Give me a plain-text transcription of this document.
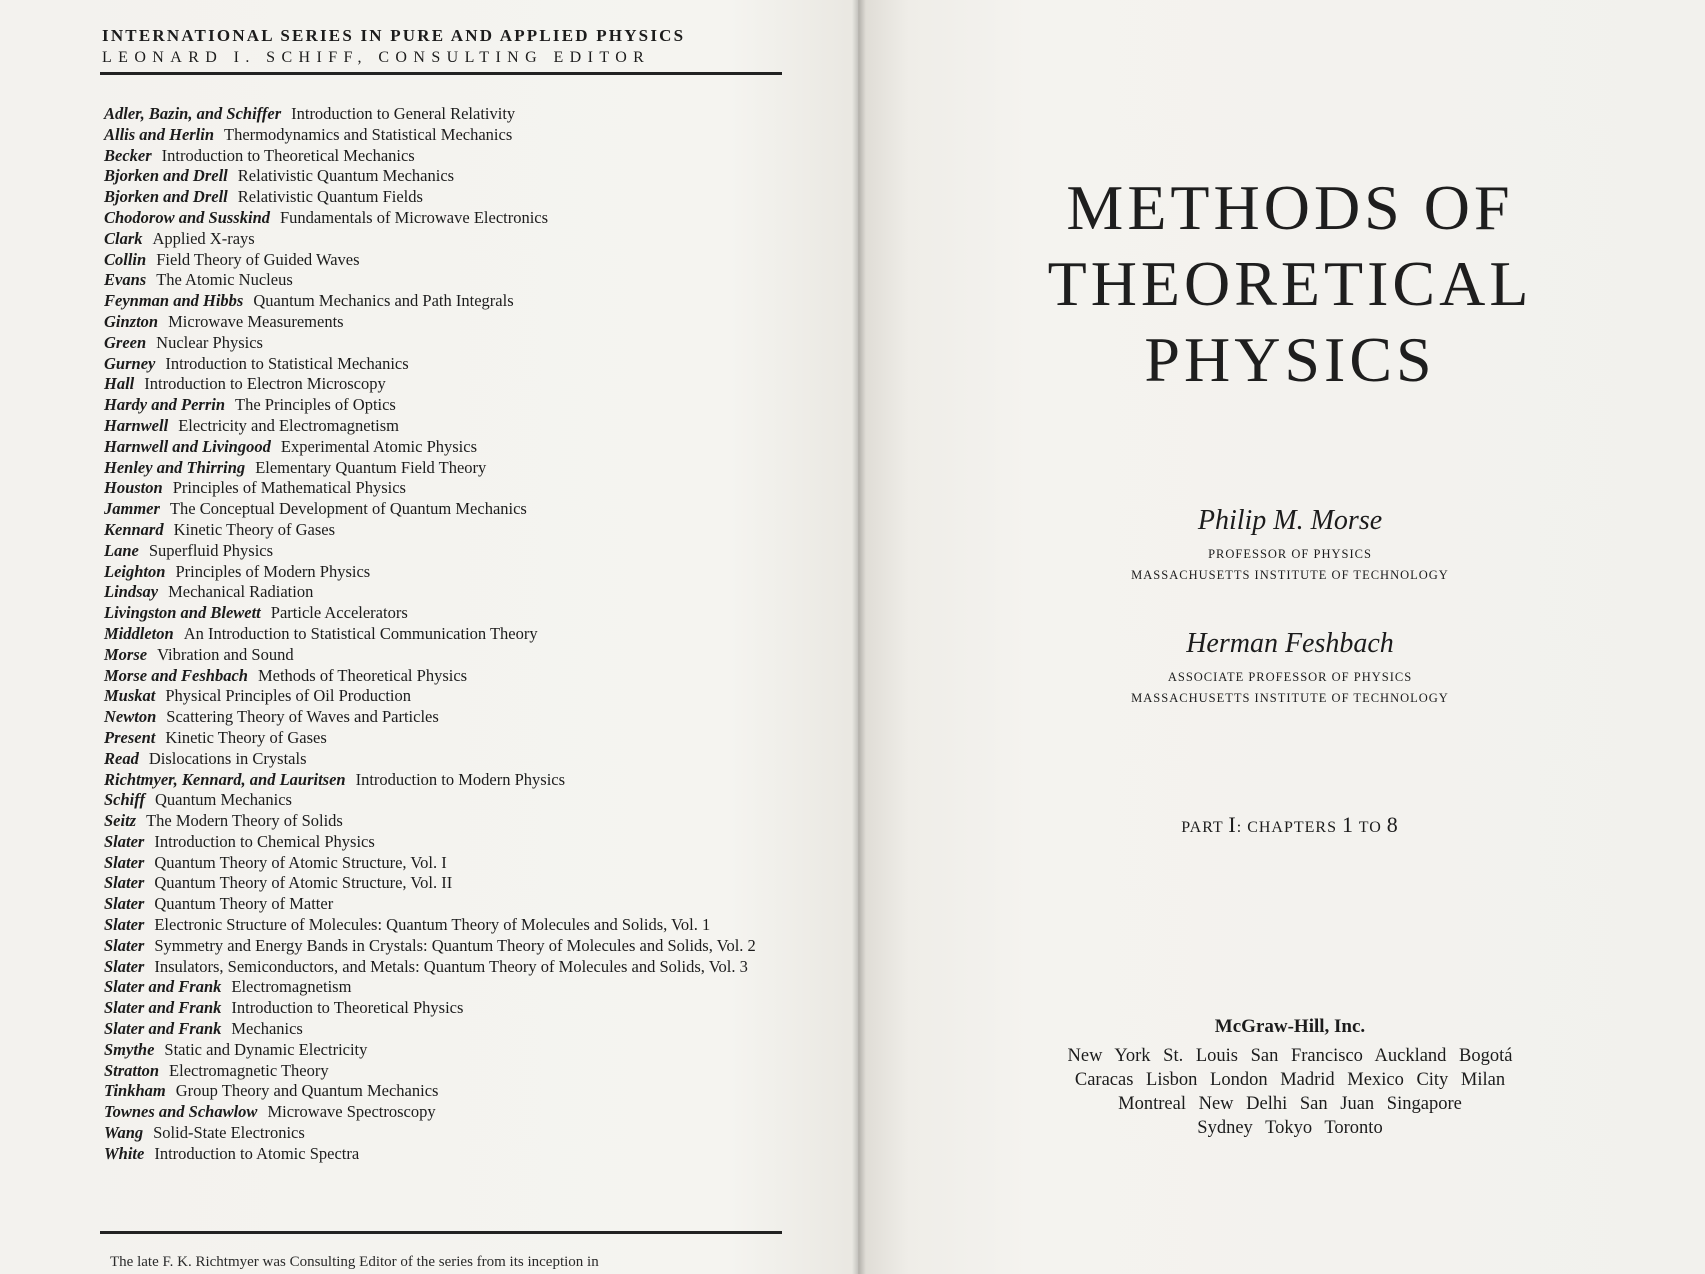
INTERNATIONAL SERIES IN PURE AND APPLIED PHYSICS
LEONARD I. SCHIFF, CONSULTING EDITOR
Adler, Bazin, and Schiffer Introduction to General Relativity
Allis and Herlin Thermodynamics and Statistical Mechanics
Becker Introduction to Theoretical Mechanics
Bjorken and Drell Relativistic Quantum Mechanics
Bjorken and Drell Relativistic Quantum Fields
Chodorow and Susskind Fundamentals of Microwave Electronics
Clark Applied X-rays
Collin Field Theory of Guided Waves
Evans The Atomic Nucleus
Feynman and Hibbs Quantum Mechanics and Path Integrals
Ginzton Microwave Measurements
Green Nuclear Physics
Gurney Introduction to Statistical Mechanics
Hall Introduction to Electron Microscopy
Hardy and Perrin The Principles of Optics
Harnwell Electricity and Electromagnetism
Harnwell and Livingood Experimental Atomic Physics
Henley and Thirring Elementary Quantum Field Theory
Houston Principles of Mathematical Physics
Jammer The Conceptual Development of Quantum Mechanics
Kennard Kinetic Theory of Gases
Lane Superfluid Physics
Leighton Principles of Modern Physics
Lindsay Mechanical Radiation
Livingston and Blewett Particle Accelerators
Middleton An Introduction to Statistical Communication Theory
Morse Vibration and Sound
Morse and Feshbach Methods of Theoretical Physics
Muskat Physical Principles of Oil Production
Newton Scattering Theory of Waves and Particles
Present Kinetic Theory of Gases
Read Dislocations in Crystals
Richtmyer, Kennard, and Lauritsen Introduction to Modern Physics
Schiff Quantum Mechanics
Seitz The Modern Theory of Solids
Slater Introduction to Chemical Physics
Slater Quantum Theory of Atomic Structure, Vol. I
Slater Quantum Theory of Atomic Structure, Vol. II
Slater Quantum Theory of Matter
Slater Electronic Structure of Molecules: Quantum Theory of Molecules and Solids, Vol. 1
Slater Symmetry and Energy Bands in Crystals: Quantum Theory of Molecules and Solids, Vol. 2
Slater Insulators, Semiconductors, and Metals: Quantum Theory of Molecules and Solids, Vol. 3
Slater and Frank Electromagnetism
Slater and Frank Introduction to Theoretical Physics
Slater and Frank Mechanics
Smythe Static and Dynamic Electricity
Stratton Electromagnetic Theory
Tinkham Group Theory and Quantum Mechanics
Townes and Schawlow Microwave Spectroscopy
Wang Solid-State Electronics
White Introduction to Atomic Spectra
The late F. K. Richtmyer was Consulting Editor of the series from its inception in
METHODS OF
THEORETICAL
PHYSICS
Philip M. Morse
PROFESSOR OF PHYSICS
MASSACHUSETTS INSTITUTE OF TECHNOLOGY
Herman Feshbach
ASSOCIATE PROFESSOR OF PHYSICS
MASSACHUSETTS INSTITUTE OF TECHNOLOGY
PART I: CHAPTERS 1 TO 8
McGraw-Hill, Inc.
New York St. Louis San Francisco Auckland Bogotá
Caracas Lisbon London Madrid Mexico City Milan
Montreal New Delhi San Juan Singapore
Sydney Tokyo Toronto
